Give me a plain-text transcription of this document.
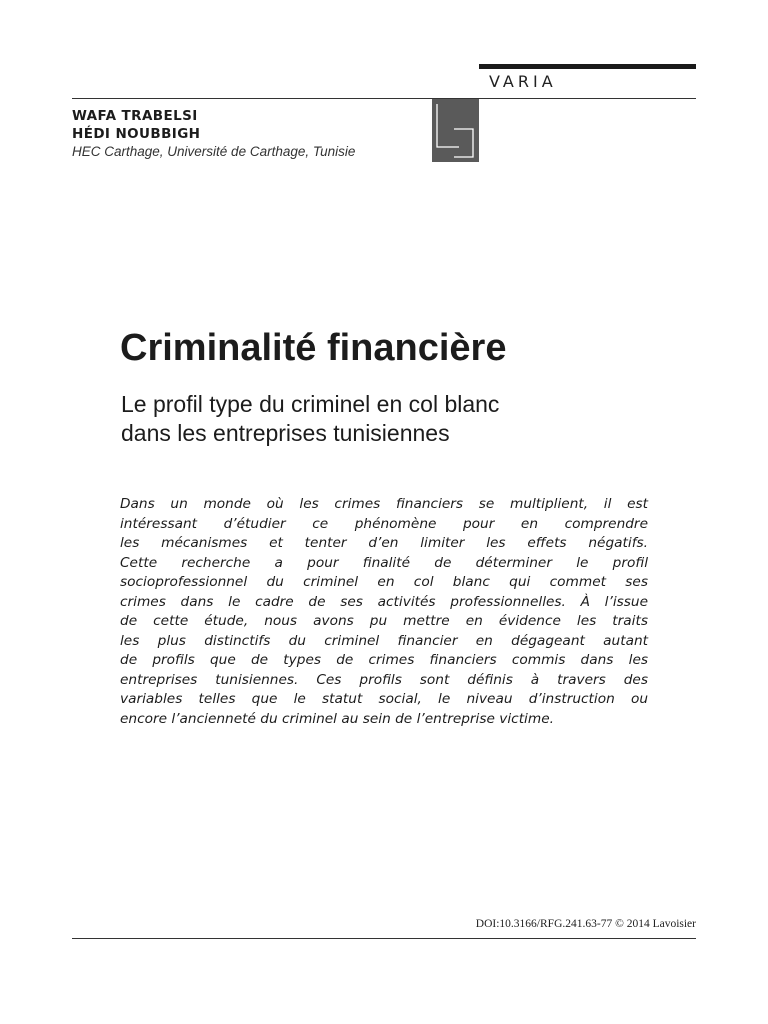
VARIA
WAFA TRABELSI
HÉDI NOUBBIGH
HEC Carthage, Université de Carthage, Tunisie
Criminalité financière
Le profil type du criminel en col blanc
dans les entreprises tunisiennes
Dans un monde où les crimes financiers se multiplient, il est
intéressant d’étudier ce phénomène pour en comprendre
les mécanismes et tenter d’en limiter les effets négatifs.
Cette recherche a pour finalité de déterminer le profil
socioprofessionnel du criminel en col blanc qui commet ses
crimes dans le cadre de ses activités professionnelles. À l’issue
de cette étude, nous avons pu mettre en évidence les traits
les plus distinctifs du criminel financier en dégageant autant
de profils que de types de crimes financiers commis dans les
entreprises tunisiennes. Ces profils sont définis à travers des
variables telles que le statut social, le niveau d’instruction ou
encore l’ancienneté du criminel au sein de l’entreprise victime.
DOI:10.3166/RFG.241.63-77 © 2014 Lavoisier
